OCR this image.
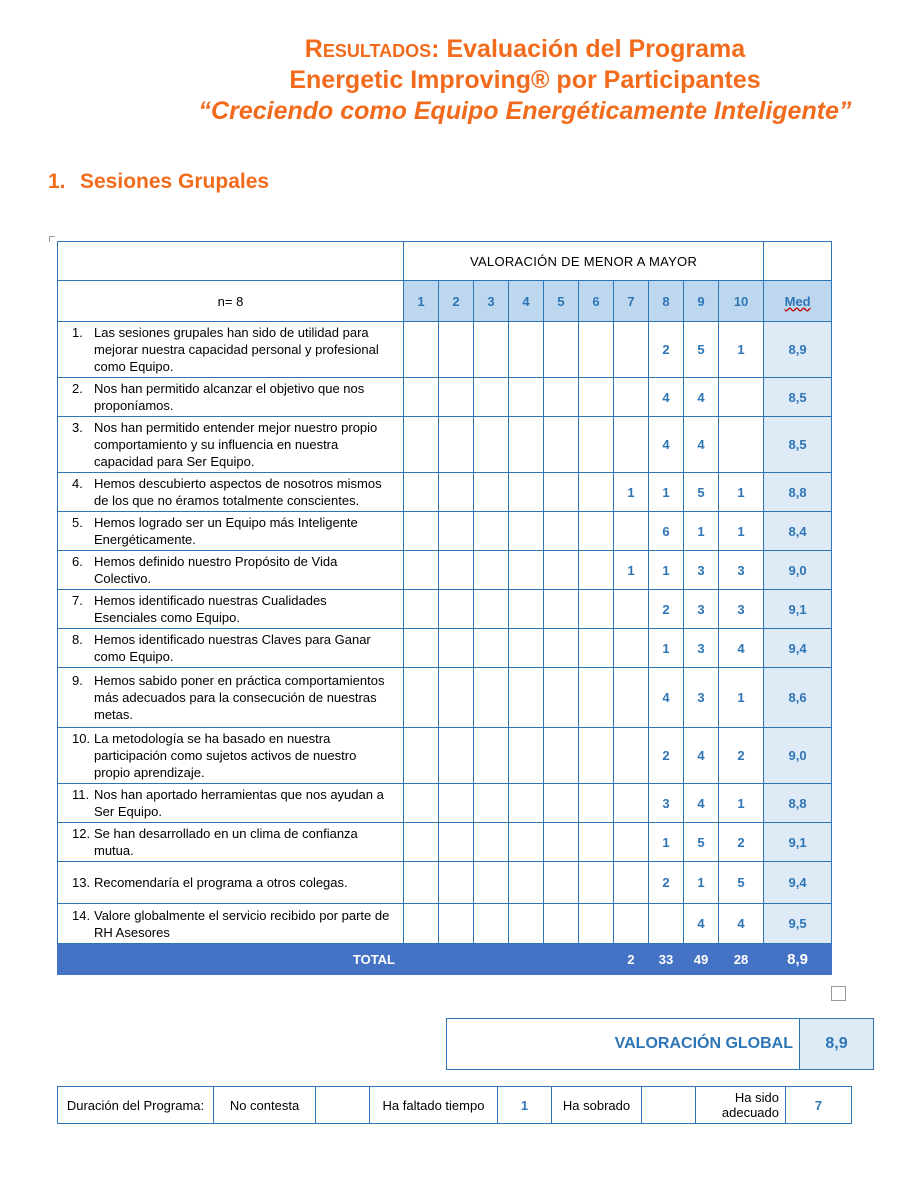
Resultados: Evaluación del Programa
Energetic Improving® por Participantes
“Creciendo como Equipo Energéticamente Inteligente”
1. Sesiones Grupales
	VALORACIÓN DE MENOR A MAYOR										
n= 8	1	2	3	4	5	6	7	8	9	10	Med
1. Las sesiones grupales han sido de utilidad para mejorar nuestra capacidad personal y profesional como Equipo.								2	5	1	8,9
2. Nos han permitido alcanzar el objetivo que nos proponíamos.								4	4		8,5
3. Nos han permitido entender mejor nuestro propio comportamiento y su influencia en nuestra capacidad para Ser Equipo.								4	4		8,5
4. Hemos descubierto aspectos de nosotros mismos de los que no éramos totalmente conscientes.							1	1	5	1	8,8
5. Hemos logrado ser un Equipo más Inteligente Energéticamente.								6	1	1	8,4
6. Hemos definido nuestro Propósito de Vida Colectivo.							1	1	3	3	9,0
7. Hemos identificado nuestras Cualidades Esenciales como Equipo.								2	3	3	9,1
8. Hemos identificado nuestras Claves para Ganar como Equipo.								1	3	4	9,4
9. Hemos sabido poner en práctica comportamientos más adecuados para la consecución de nuestras metas.								4	3	1	8,6
10. La metodología se ha basado en nuestra participación como sujetos activos de nuestro propio aprendizaje.								2	4	2	9,0
11. Nos han aportado herramientas que nos ayudan a Ser Equipo.								3	4	1	8,8
12. Se han desarrollado en un clima de confianza mutua.								1	5	2	9,1
13. Recomendaría el programa a otros colegas.								2	1	5	9,4
14. Valore globalmente el servicio recibido por parte de RH Asesores									4	4	9,5
TOTAL							2	33	49	28	8,9
VALORACIÓN GLOBAL	8,9
Duración del Programa:	No contesta		Ha faltado tiempo	1	Ha sobrado		Ha sido adecuado	7
